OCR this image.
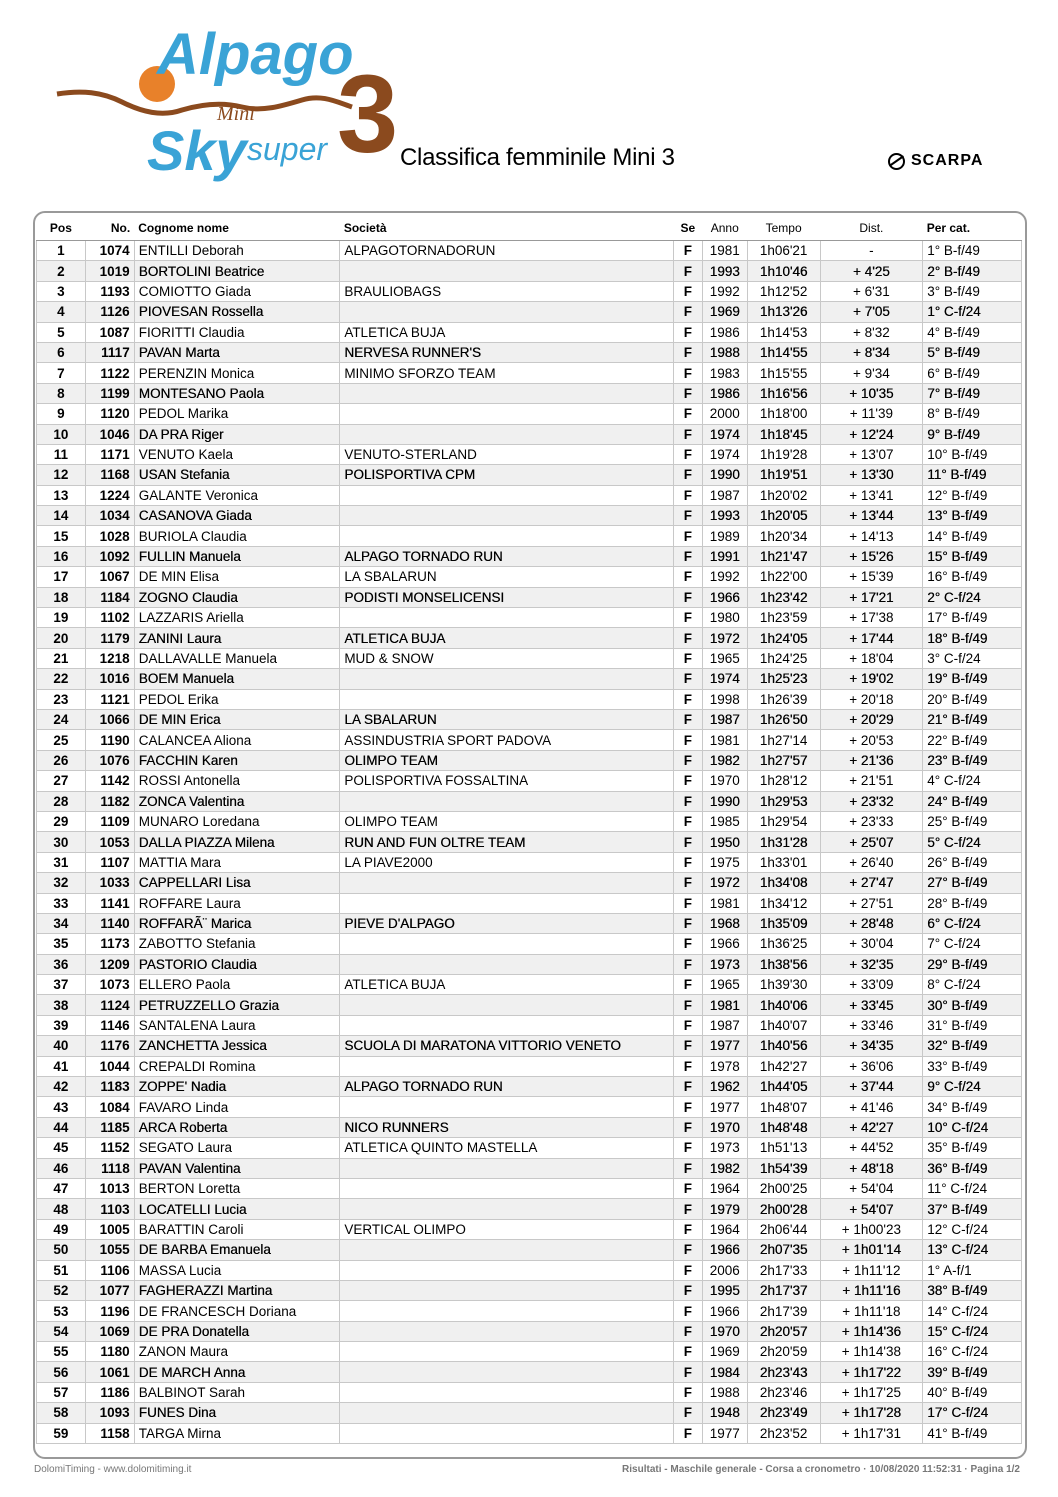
Alpago
Mini
Sky super 3 Classifica femminile Mini 3	SCARPA
Pos	No.	Cognome nome	Società	Se	Anno	Tempo	Dist.	Per cat.
1	1074	ENTILLI Deborah	ALPAGOTORNADORUN	F	1981	1h06'21	-	1° B-f/49
2	1019	BORTOLINI Beatrice		F	1993	1h10'46	+ 4'25	2° B-f/49
3	1193	COMIOTTO Giada	BRAULIOBAGS	F	1992	1h12'52	+ 6'31	3° B-f/49
4	1126	PIOVESAN Rossella		F	1969	1h13'26	+ 7'05	1° C-f/24
5	1087	FIORITTI Claudia	ATLETICA BUJA	F	1986	1h14'53	+ 8'32	4° B-f/49
6	1117	PAVAN Marta	NERVESA RUNNER'S	F	1988	1h14'55	+ 8'34	5° B-f/49
7	1122	PERENZIN Monica	MINIMO SFORZO TEAM	F	1983	1h15'55	+ 9'34	6° B-f/49
8	1199	MONTESANO Paola		F	1986	1h16'56	+ 10'35	7° B-f/49
9	1120	PEDOL Marika		F	2000	1h18'00	+ 11'39	8° B-f/49
10	1046	DA PRA Riger		F	1974	1h18'45	+ 12'24	9° B-f/49
11	1171	VENUTO Kaela	VENUTO-STERLAND	F	1974	1h19'28	+ 13'07	10° B-f/49
12	1168	USAN Stefania	POLISPORTIVA CPM	F	1990	1h19'51	+ 13'30	11° B-f/49
13	1224	GALANTE Veronica		F	1987	1h20'02	+ 13'41	12° B-f/49
14	1034	CASANOVA Giada		F	1993	1h20'05	+ 13'44	13° B-f/49
15	1028	BURIOLA Claudia		F	1989	1h20'34	+ 14'13	14° B-f/49
16	1092	FULLIN Manuela	ALPAGO TORNADO RUN	F	1991	1h21'47	+ 15'26	15° B-f/49
17	1067	DE MIN Elisa	LA SBALARUN	F	1992	1h22'00	+ 15'39	16° B-f/49
18	1184	ZOGNO Claudia	PODISTI MONSELICENSI	F	1966	1h23'42	+ 17'21	2° C-f/24
19	1102	LAZZARIS Ariella		F	1980	1h23'59	+ 17'38	17° B-f/49
20	1179	ZANINI Laura	ATLETICA BUJA	F	1972	1h24'05	+ 17'44	18° B-f/49
21	1218	DALLAVALLE Manuela	MUD & SNOW	F	1965	1h24'25	+ 18'04	3° C-f/24
22	1016	BOEM Manuela		F	1974	1h25'23	+ 19'02	19° B-f/49
23	1121	PEDOL Erika		F	1998	1h26'39	+ 20'18	20° B-f/49
24	1066	DE MIN Erica	LA SBALARUN	F	1987	1h26'50	+ 20'29	21° B-f/49
25	1190	CALANCEA Aliona	ASSINDUSTRIA SPORT PADOVA	F	1981	1h27'14	+ 20'53	22° B-f/49
26	1076	FACCHIN Karen	OLIMPO TEAM	F	1982	1h27'57	+ 21'36	23° B-f/49
27	1142	ROSSI Antonella	POLISPORTIVA FOSSALTINA	F	1970	1h28'12	+ 21'51	4° C-f/24
28	1182	ZONCA Valentina		F	1990	1h29'53	+ 23'32	24° B-f/49
29	1109	MUNARO Loredana	OLIMPO TEAM	F	1985	1h29'54	+ 23'33	25° B-f/49
30	1053	DALLA PIAZZA Milena	RUN AND FUN OLTRE TEAM	F	1950	1h31'28	+ 25'07	5° C-f/24
31	1107	MATTIA Mara	LA PIAVE2000	F	1975	1h33'01	+ 26'40	26° B-f/49
32	1033	CAPPELLARI Lisa		F	1972	1h34'08	+ 27'47	27° B-f/49
33	1141	ROFFARE Laura		F	1981	1h34'12	+ 27'51	28° B-f/49
34	1140	ROFFARÃ¨ Marica	PIEVE D'ALPAGO	F	1968	1h35'09	+ 28'48	6° C-f/24
35	1173	ZABOTTO Stefania		F	1966	1h36'25	+ 30'04	7° C-f/24
36	1209	PASTORIO Claudia		F	1973	1h38'56	+ 32'35	29° B-f/49
37	1073	ELLERO Paola	ATLETICA BUJA	F	1965	1h39'30	+ 33'09	8° C-f/24
38	1124	PETRUZZELLO Grazia		F	1981	1h40'06	+ 33'45	30° B-f/49
39	1146	SANTALENA Laura		F	1987	1h40'07	+ 33'46	31° B-f/49
40	1176	ZANCHETTA Jessica	SCUOLA DI MARATONA VITTORIO VENETO	F	1977	1h40'56	+ 34'35	32° B-f/49
41	1044	CREPALDI Romina		F	1978	1h42'27	+ 36'06	33° B-f/49
42	1183	ZOPPE' Nadia	ALPAGO TORNADO RUN	F	1962	1h44'05	+ 37'44	9° C-f/24
43	1084	FAVARO Linda		F	1977	1h48'07	+ 41'46	34° B-f/49
44	1185	ARCA Roberta	NICO RUNNERS	F	1970	1h48'48	+ 42'27	10° C-f/24
45	1152	SEGATO Laura	ATLETICA QUINTO MASTELLA	F	1973	1h51'13	+ 44'52	35° B-f/49
46	1118	PAVAN Valentina		F	1982	1h54'39	+ 48'18	36° B-f/49
47	1013	BERTON Loretta		F	1964	2h00'25	+ 54'04	11° C-f/24
48	1103	LOCATELLI Lucia		F	1979	2h00'28	+ 54'07	37° B-f/49
49	1005	BARATTIN Caroli	VERTICAL OLIMPO	F	1964	2h06'44	+ 1h00'23	12° C-f/24
50	1055	DE BARBA Emanuela		F	1966	2h07'35	+ 1h01'14	13° C-f/24
51	1106	MASSA Lucia		F	2006	2h17'33	+ 1h11'12	1° A-f/1
52	1077	FAGHERAZZI Martina		F	1995	2h17'37	+ 1h11'16	38° B-f/49
53	1196	DE FRANCESCH Doriana		F	1966	2h17'39	+ 1h11'18	14° C-f/24
54	1069	DE PRA Donatella		F	1970	2h20'57	+ 1h14'36	15° C-f/24
55	1180	ZANON Maura		F	1969	2h20'59	+ 1h14'38	16° C-f/24
56	1061	DE MARCH Anna		F	1984	2h23'43	+ 1h17'22	39° B-f/49
57	1186	BALBINOT Sarah		F	1988	2h23'46	+ 1h17'25	40° B-f/49
58	1093	FUNES Dina		F	1948	2h23'49	+ 1h17'28	17° C-f/24
59	1158	TARGA Mirna		F	1977	2h23'52	+ 1h17'31	41° B-f/49
DolomiTiming - www.dolomitiming.it	Risultati - Maschile generale - Corsa a cronometro · 10/08/2020 11:52:31 · Pagina 1/2
